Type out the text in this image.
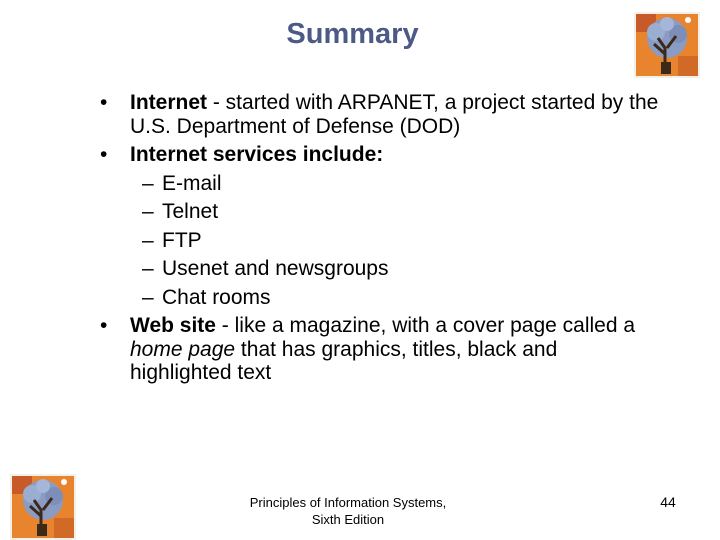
Summary
• Internet - started with ARPANET, a project started by the U.S. Department of Defense (DOD)
• Internet services include:
– E-mail
– Telnet
– FTP
– Usenet and newsgroups
– Chat rooms
• Web site - like a magazine, with a cover page called a home page that has graphics, titles, black and highlighted text
Principles of Information Systems,
Sixth Edition
44
